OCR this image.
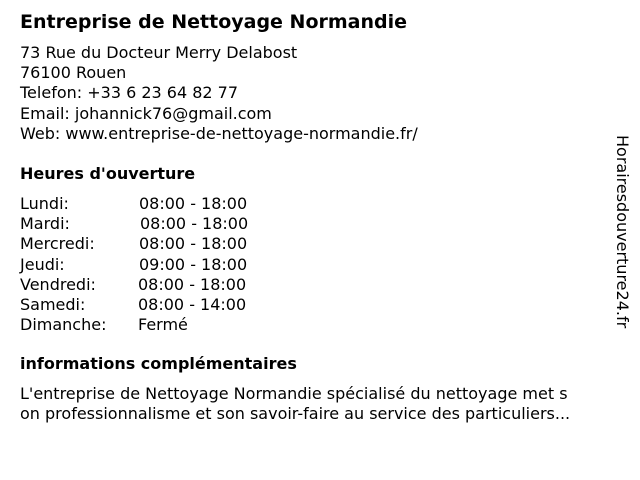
Entreprise de Nettoyage Normandie
73 Rue du Docteur Merry Delabost
76100 Rouen
Telefon: +33 6 23 64 82 77
Email: johannick76@gmail.com
Web: www.entreprise-de-nettoyage-normandie.fr/
Heures d'ouverture
Lundi:	08:00 - 18:00
Mardi:	08:00 - 18:00
Mercredi:	08:00 - 18:00
Jeudi:	09:00 - 18:00
Vendredi:	08:00 - 18:00
Samedi:	08:00 - 14:00
Dimanche: Fermé
informations complémentaires
L'entreprise de Nettoyage Normandie spécialisé du nettoyage met s
on professionnalisme et son savoir-faire au service des particuliers...
Horairesdouverture24.fr
